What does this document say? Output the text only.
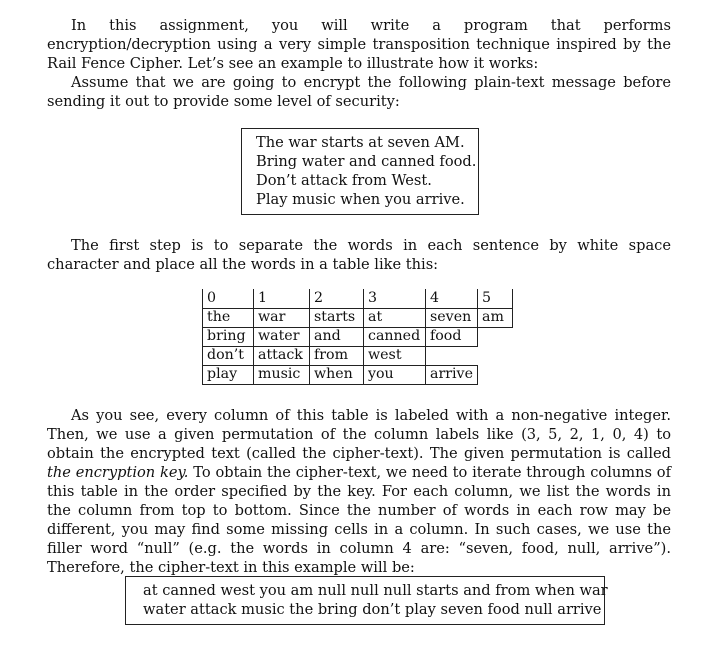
In this assignment, you will write a program that performs encryption/decryption using a very simple transposition technique inspired by the Rail Fence Cipher. Let’s see an example to illustrate how it works:

Assume that we are going to encrypt the following plain-text message before sending it out to provide some level of security:

The war starts at seven AM.
Bring water and canned food.
Don’t attack from West.
Play music when you arrive.

The first step is to separate the words in each sentence by white space character and place all the words in a table like this:

0	1	2	3	4	5
the	war	starts	at	seven	am
bring	water	and	canned	food	
don’t	attack	from	west		
play	music	when	you	arrive	

As you see, every column of this table is labeled with a non-negative integer. Then, we use a given permutation of the column labels like (3, 5, 2, 1, 0, 4) to obtain the encrypted text (called the cipher-text). The given permutation is called the encryption key. To obtain the cipher-text, we need to iterate through columns of this table in the order specified by the key. For each column, we list the words in the column from top to bottom. Since the number of words in each row may be different, you may find some missing cells in a column. In such cases, we use the filler word “null” (e.g. the words in column 4 are: “seven, food, null, arrive”). Therefore, the cipher-text in this example will be:

at canned west you am null null null starts and from when war
water attack music the bring don’t play seven food null arrive
